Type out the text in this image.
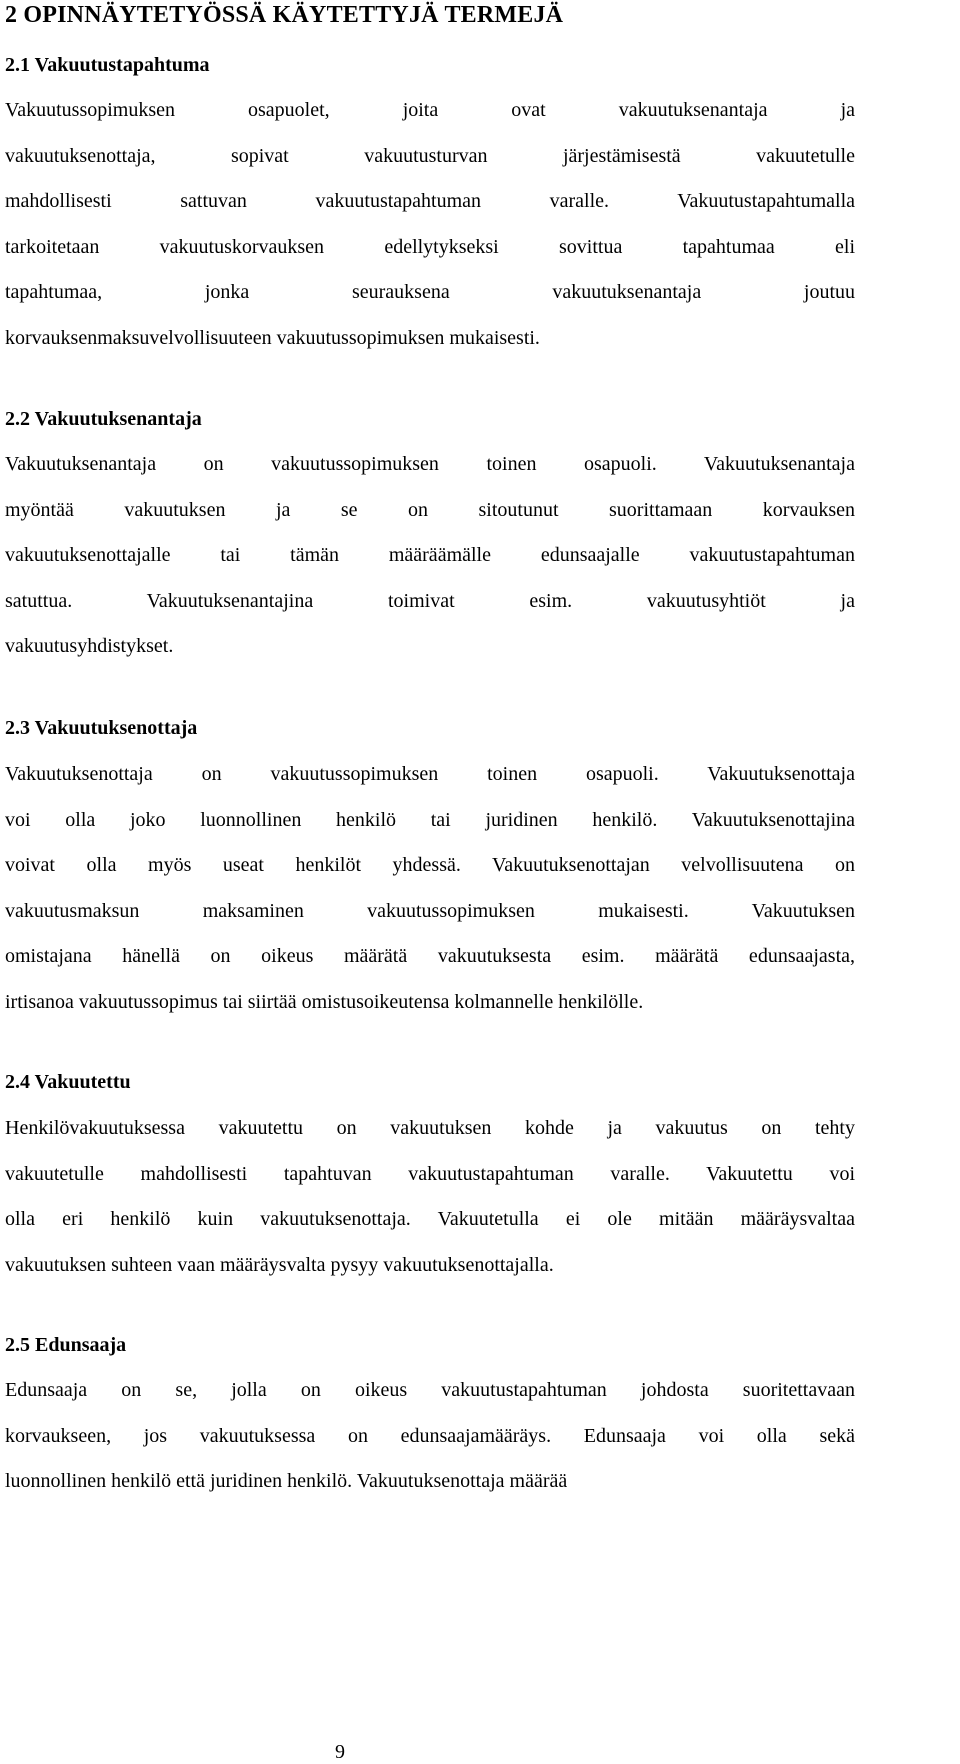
2 OPINNÄYTETYÖSSÄ KÄYTETTYJÄ TERMEJÄ
2.1 Vakuutustapahtuma
Vakuutussopimuksen osapuolet, joita ovat vakuutuksenantaja ja
vakuutuksenottaja, sopivat vakuutusturvan järjestämisestä vakuutetulle
mahdollisesti sattuvan vakuutustapahtuman varalle. Vakuutustapahtumalla
tarkoitetaan vakuutuskorvauksen edellytykseksi sovittua tapahtumaa eli
tapahtumaa, jonka seurauksena vakuutuksenantaja joutuu
korvauksenmaksuvelvollisuuteen vakuutussopimuksen mukaisesti.
2.2 Vakuutuksenantaja
Vakuutuksenantaja on vakuutussopimuksen toinen osapuoli. Vakuutuksenantaja
myöntää vakuutuksen ja se on sitoutunut suorittamaan korvauksen
vakuutuksenottajalle tai tämän määräämälle edunsaajalle vakuutustapahtuman
satuttua. Vakuutuksenantajina toimivat esim. vakuutusyhtiöt ja
vakuutusyhdistykset.
2.3 Vakuutuksenottaja
Vakuutuksenottaja on vakuutussopimuksen toinen osapuoli. Vakuutuksenottaja
voi olla joko luonnollinen henkilö tai juridinen henkilö. Vakuutuksenottajina
voivat olla myös useat henkilöt yhdessä. Vakuutuksenottajan velvollisuutena on
vakuutusmaksun maksaminen vakuutussopimuksen mukaisesti. Vakuutuksen
omistajana hänellä on oikeus määrätä vakuutuksesta esim. määrätä edunsaajasta,
irtisanoa vakuutussopimus tai siirtää omistusoikeutensa kolmannelle henkilölle.
2.4 Vakuutettu
Henkilövakuutuksessa vakuutettu on vakuutuksen kohde ja vakuutus on tehty
vakuutetulle mahdollisesti tapahtuvan vakuutustapahtuman varalle. Vakuutettu voi
olla eri henkilö kuin vakuutuksenottaja. Vakuutetulla ei ole mitään määräysvaltaa
vakuutuksen suhteen vaan määräysvalta pysyy vakuutuksenottajalla.
2.5 Edunsaaja
Edunsaaja on se, jolla on oikeus vakuutustapahtuman johdosta suoritettavaan
korvaukseen, jos vakuutuksessa on edunsaajamääräys. Edunsaaja voi olla sekä
luonnollinen henkilö että juridinen henkilö. Vakuutuksenottaja määrää
9
